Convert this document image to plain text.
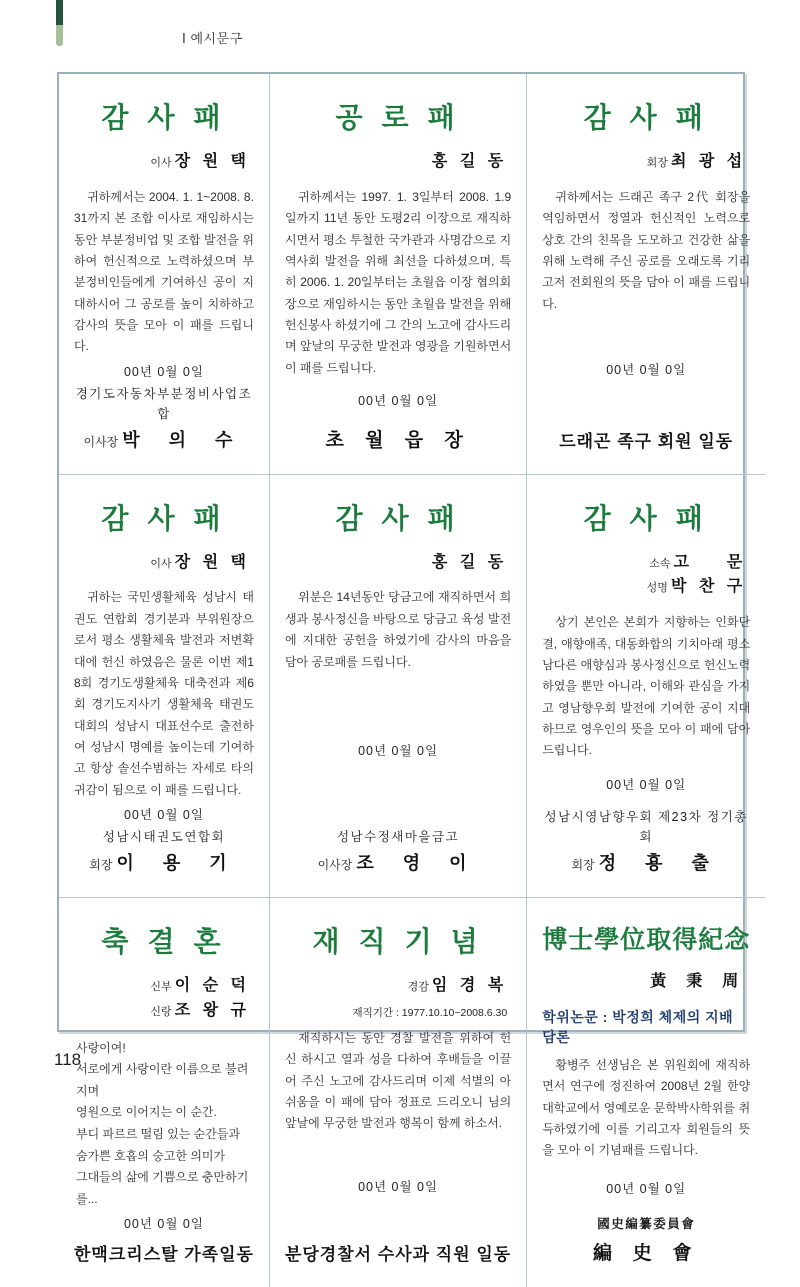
Ⅰ 예시문구
감 사 패
이사 장 원 택

귀하께서는 2004. 1. 1~2008. 8. 31까지 본 조합 이사로 재임하시는 동안 부분정비업 및 조합 발전을 위하여 헌신적으로 노력하셨으며 부분정비인들에게 기여하신 공이 지대하시어 그 공로를 높이 치하하고 감사의 뜻을 모아 이 패를 드립니다.

00년 0월 0일
경기도자동차부분정비사업조합
이사장 박 의 수
공 로 패
홍 길 동

귀하께서는 1997. 1. 3일부터 2008. 1.9일까지 11년 동안 도평2리 이장으로 재직하시면서 평소 투철한 국가관과 사명감으로 지역사회 발전을 위해 최선을 다하셨으며, 특히 2006. 1. 20일부터는 초월읍 이장 협의회장으로 재임하시는 동안 초월읍 발전을 위해 헌신봉사 하셨기에 그 간의 노고에 감사드리며 앞날의 무궁한 발전과 영광을 기원하면서 이 패를 드립니다.

00년 0월 0일
초 월 읍 장
감 사 패
회장 최 광 섭

귀하께서는 드래곤 족구 2代 회장을 역임하면서 정열과 헌신적인 노력으로 상호 간의 친목을 도모하고 건강한 삶을 위해 노력해 주신 공로를 오래도록 기리고저 전회원의 뜻을 담아 이 패를 드립니다.

00년 0월 0일
드래곤 족구 회원 일동
감 사 패
이사 장 원 택

귀하는 국민생활체육 성남시 태권도 연합회 경기분과 부위원장으로서 평소 생활체육 발전과 저변확대에 헌신 하였음은 물론 이번 제18회 경기도생활체육 대축전과 제6회 경기도지사기 생활체육 태권도 대회의 성남시 대표선수로 출전하여 성남시 명예를 높이는데 기여하고 항상 솔선수범하는 자세로 타의 귀감이 됨으로 이 패를 드립니다.

00년 0월 0일
성남시태권도연합회
회장 이 용 기
감 사 패
홍 길 동

위분은 14년동안 당금고에 재직하면서 희생과 봉사정신을 바탕으로 당금고 육성 발전에 지대한 공헌을 하였기에 감사의 마음을 담아 공로패를 드립니다.

00년 0월 0일
성남수정새마을금고
이사장 조 영 이
감 사 패
소속 고    문
성명 박 찬 구

상기 본인은 본회가 지향하는 인화단결, 애향애족, 대동화합의 기치아래 평소 남다른 애향심과 봉사정신으로 헌신노력하였을 뿐만 아니라, 이해와 관심을 가지고 영남향우회 발전에 기여한 공이 지대하므로 영우인의 뜻을 모아 이 패에 담아 드립니다.

00년 0월 0일
성남시영남향우회 제23차 정기총회
회장 정 횽 출
축 결 혼
신부 이 순 덕
신랑 조 왕 규
사랑이여!
서로에게 사랑이란 이름으로 불려지며
영원으로 이어지는 이 순간.
부디 파르르 떨림 있는 순간들과
숨가쁜 호흡의 숭고한 의미가
그대들의 삶에 기쁨으로 충만하기를...
00년 0월 0일
한맥크리스탈 가족일동
재 직 기 념
경감 임 경 복
재직기간 : 1977.10.10~2008.6.30

재직하시는 동안 경찰 발전을 위하여 헌신 하시고 열과 성을 다하여 후배들을 이끌어 주신 노고에 감사드리며 이제 석별의 아쉬움을 이 패에 담아 정표로 드리오니 님의 앞날에 무궁한 발전과 행복이 함께 하소서.

00년 0월 0일
분당경찰서 수사과 직원 일동
博士學位取得紀念
黃 秉 周
학위논문 : 박정희 체제의 지배 담론

황병주 선생님은 본 위원회에 재직하면서 연구에 정진하여 2008년 2월 한양대학교에서 영예로운 문학박사학위를 취득하였기에 이를 기리고자 회원들의 뜻을 모아 이 기념패를 드립니다.

00년 0월 0일
國史編纂委員會
編 史 會
118
